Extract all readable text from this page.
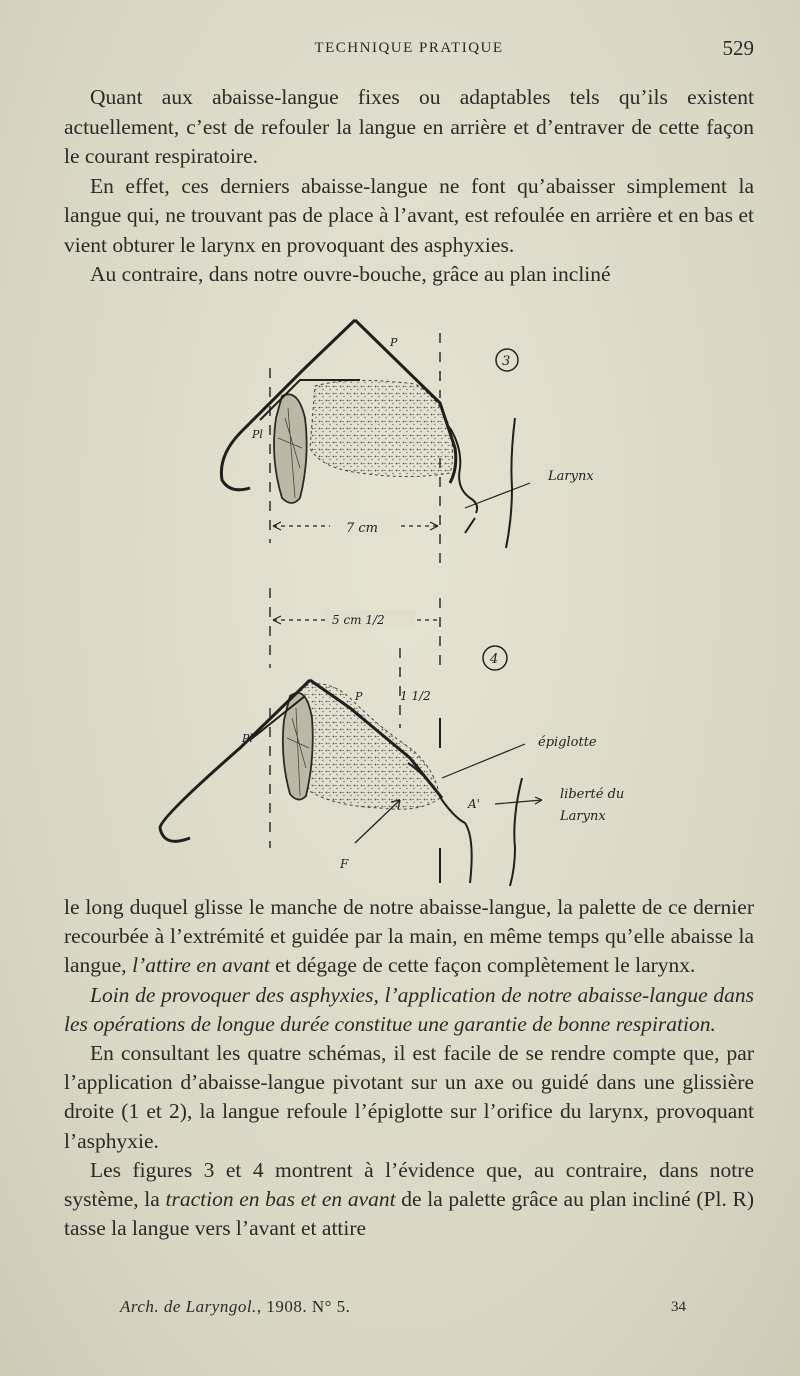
TECHNIQUE PRATIQUE	529

Quant aux abaisse-langue fixes ou adaptables tels qu’ils existent actuellement, c’est de refouler la langue en arrière et d’entraver de cette façon le courant respiratoire.

En effet, ces derniers abaisse-langue ne font qu’abaisser simplement la langue qui, ne trouvant pas de place à l’avant, est refoulée en arrière et en bas et vient obturer le larynx en provoquant des asphyxies.

Au contraire, dans notre ouvre-bouche, grâce au plan incliné

7 cm
P
Pl
Larynx
3
5 cm 1/2
4
1 1/2
F
P
Pl	épiglotte
A'
liberté du
Larynx

le long duquel glisse le manche de notre abaisse-langue, la palette de ce dernier recourbée à l’extrémité et guidée par la main, en même temps qu’elle abaisse la langue, l’attire en avant et dégage de cette façon complètement le larynx.

Loin de provoquer des asphyxies, l’application de notre abaisse-langue dans les opérations de longue durée constitue une garantie de bonne respiration.

En consultant les quatre schémas, il est facile de se rendre compte que, par l’application d’abaisse-langue pivotant sur un axe ou guidé dans une glissière droite (1 et 2), la langue refoule l’épiglotte sur l’orifice du larynx, provoquant l’asphyxie.

Les figures 3 et 4 montrent à l’évidence que, au contraire, dans notre système, la traction en bas et en avant de la palette grâce au plan incliné (Pl. R) tasse la langue vers l’avant et attire

Arch. de Laryngol., 1908. N° 5.	34
